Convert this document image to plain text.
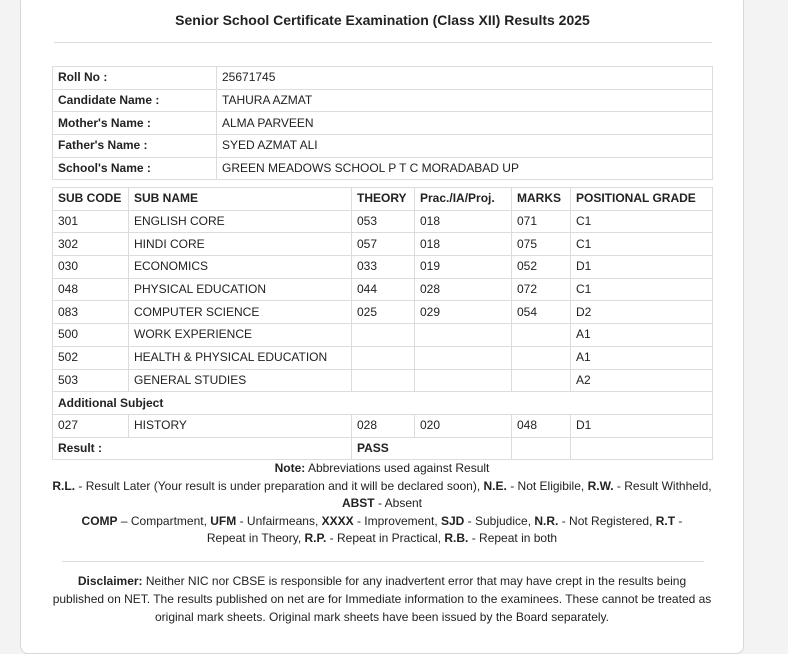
Senior School Certificate Examination (Class XII) Results 2025
Roll No :	25671745
Candidate Name :	TAHURA AZMAT
Mother's Name :	ALMA PARVEEN
Father's Name :	SYED AZMAT ALI
School's Name :	GREEN MEADOWS SCHOOL P T C MORADABAD UP
SUB CODE	SUB NAME	THEORY	Prac./IA/Proj.	MARKS	POSITIONAL GRADE
301	ENGLISH CORE	053	018	071	C1
302	HINDI CORE	057	018	075	C1
030	ECONOMICS	033	019	052	D1
048	PHYSICAL EDUCATION	044	028	072	C1
083	COMPUTER SCIENCE	025	029	054	D2
500	WORK EXPERIENCE				A1
502	HEALTH & PHYSICAL EDUCATION				A1
503	GENERAL STUDIES				A2
Additional Subject					
027	HISTORY	028	020	048	D1
Result :		PASS			
Note: Abbreviations used against Result
R.L. - Result Later (Your result is under preparation and it will be declared soon), N.E. - Not Eligibile, R.W. - Result Withheld, ABST - Absent
COMP – Compartment, UFM - Unfairmeans, XXXX - Improvement, SJD - Subjudice, N.R. - Not Registered, R.T - Repeat in Theory, R.P. - Repeat in Practical, R.B. - Repeat in both
Disclaimer: Neither NIC nor CBSE is responsible for any inadvertent error that may have crept in the results being published on NET. The results published on net are for Immediate information to the examinees. These cannot be treated as original mark sheets. Original mark sheets have been issued by the Board separately.
